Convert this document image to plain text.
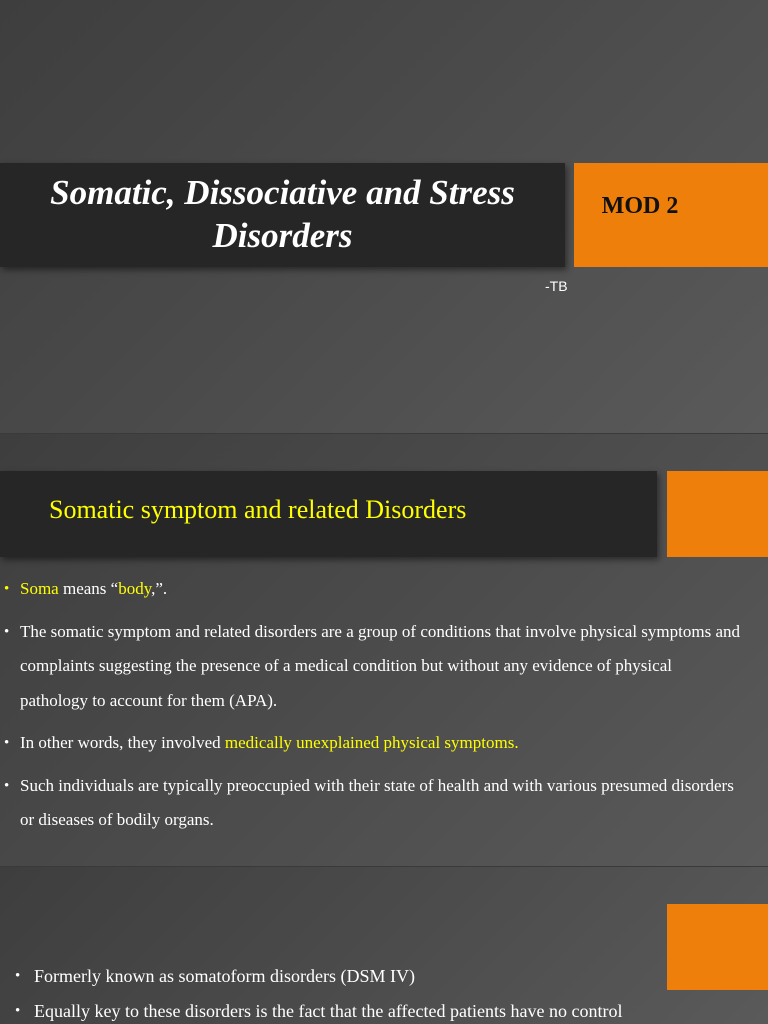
Somatic, Dissociative and Stress
Disorders
MOD 2
-TB
Somatic symptom and related Disorders
• Soma means “body,”.
• The somatic symptom and related disorders are a group of conditions that involve physical symptoms and complaints suggesting the presence of a medical condition but without any evidence of physical pathology to account for them (APA).
• In other words, they involved medically unexplained physical symptoms.
• Such individuals are typically preoccupied with their state of health and with various presumed disorders or diseases of bodily organs.
• Formerly known as somatoform disorders (DSM IV)
• Equally key to these disorders is the fact that the affected patients have no control
